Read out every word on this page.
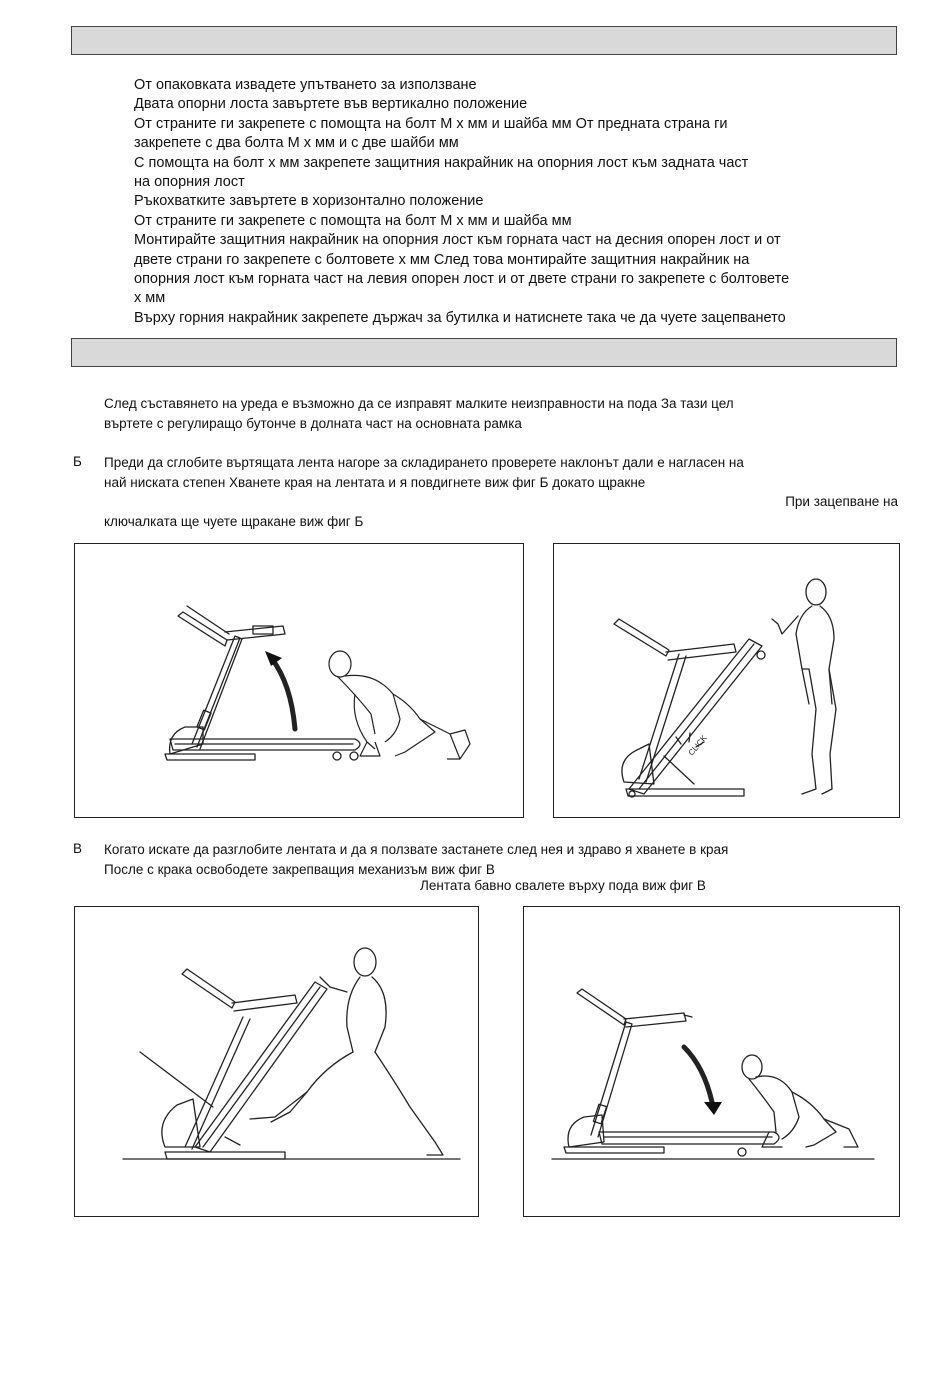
От опаковката извадете упътването за използване

Двата опорни лоста завъртете във вертикално положение

От страните ги закрепете с помощта на болт М х мм и шайба мм От предната страна ги

закрепете с два болта М х мм и с две шайби мм

С помощта на болт х мм закрепете защитния накрайник на опорния лост към задната част

на опорния лост

Ръкохватките завъртете в хоризонтално положение

От страните ги закрепете с помощта на болт М х мм и шайба мм

Монтирайте защитния накрайник на опорния лост към горната част на десния опорен лост и от

двете страни го закрепете с болтовете х мм След това монтирайте защитния накрайник на

опорния лост към горната част на левия опорен лост и от двете страни го закрепете с болтовете

х мм

Върху горния накрайник закрепете държач за бутилка и натиснете така че да чуете зацепването

След съставянето на уреда е възможно да се изправят малките неизправности на пода За тази цел

въртете с регулиращо бутонче в долната част на основната рамка

Б Преди да сглобите въртящата лента нагоре за складирането проверете наклонът дали е нагласен на

най ниската степен Хванете края на лентата и я повдигнете виж фиг Б докато щракне

При зацепване на

ключалката ще чуете щракане виж фиг Б

CLICK
В Когато искате да разглобите лентата и да я ползвате застанете след нея и здраво я хванете в края

После с крака освободете закрепващия механизъм виж фиг В

Лентата бавно свалете върху пода виж фиг В
